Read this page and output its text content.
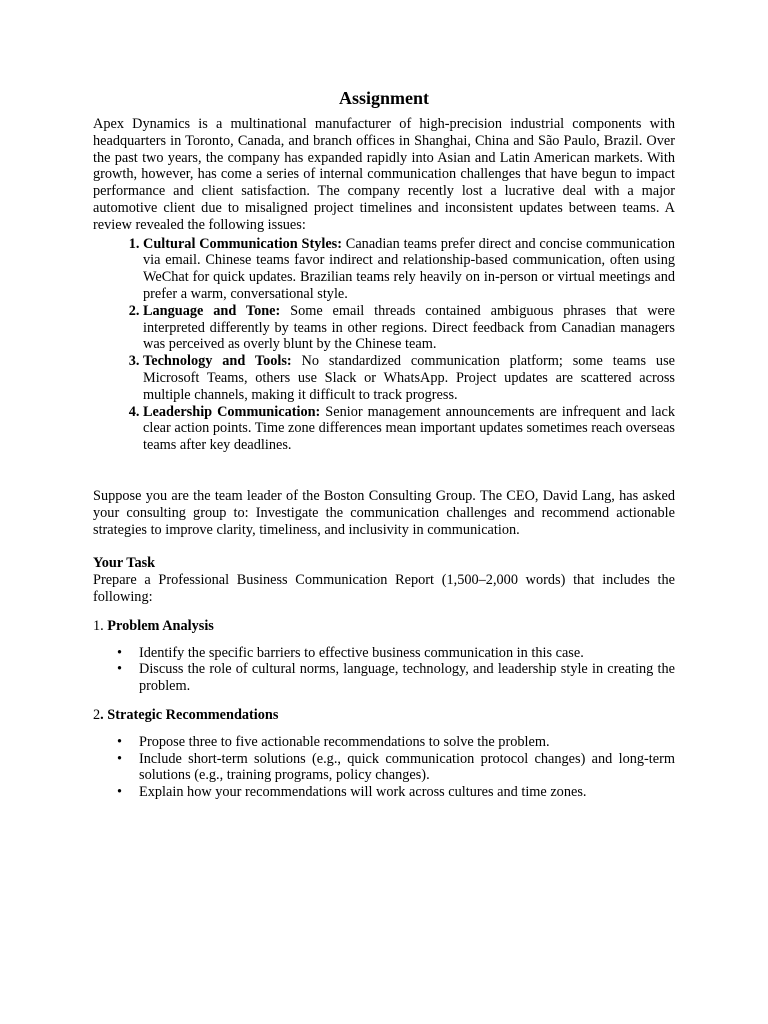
Assignment

Apex Dynamics is a multinational manufacturer of high-precision industrial components with headquarters in Toronto, Canada, and branch offices in Shanghai, China and São Paulo, Brazil. Over the past two years, the company has expanded rapidly into Asian and Latin American markets. With growth, however, has come a series of internal communication challenges that have begun to impact performance and client satisfaction. The company recently lost a lucrative deal with a major automotive client due to misaligned project timelines and inconsistent updates between teams. A review revealed the following issues:

1. Cultural Communication Styles: Canadian teams prefer direct and concise communication via email. Chinese teams favor indirect and relationship-based communication, often using WeChat for quick updates. Brazilian teams rely heavily on in-person or virtual meetings and prefer a warm, conversational style.
2. Language and Tone: Some email threads contained ambiguous phrases that were interpreted differently by teams in other regions. Direct feedback from Canadian managers was perceived as overly blunt by the Chinese team.
3. Technology and Tools: No standardized communication platform; some teams use Microsoft Teams, others use Slack or WhatsApp. Project updates are scattered across multiple channels, making it difficult to track progress.
4. Leadership Communication: Senior management announcements are infrequent and lack clear action points. Time zone differences mean important updates sometimes reach overseas teams after key deadlines.

Suppose you are the team leader of the Boston Consulting Group. The CEO, David Lang, has asked your consulting group to: Investigate the communication challenges and recommend actionable strategies to improve clarity, timeliness, and inclusivity in communication.

Your Task

Prepare a Professional Business Communication Report (1,500–2,000 words) that includes the following:

1. Problem Analysis

• Identify the specific barriers to effective business communication in this case.
• Discuss the role of cultural norms, language, technology, and leadership style in creating the problem.

2. Strategic Recommendations

• Propose three to five actionable recommendations to solve the problem.
• Include short-term solutions (e.g., quick communication protocol changes) and long-term solutions (e.g., training programs, policy changes).
• Explain how your recommendations will work across cultures and time zones.
